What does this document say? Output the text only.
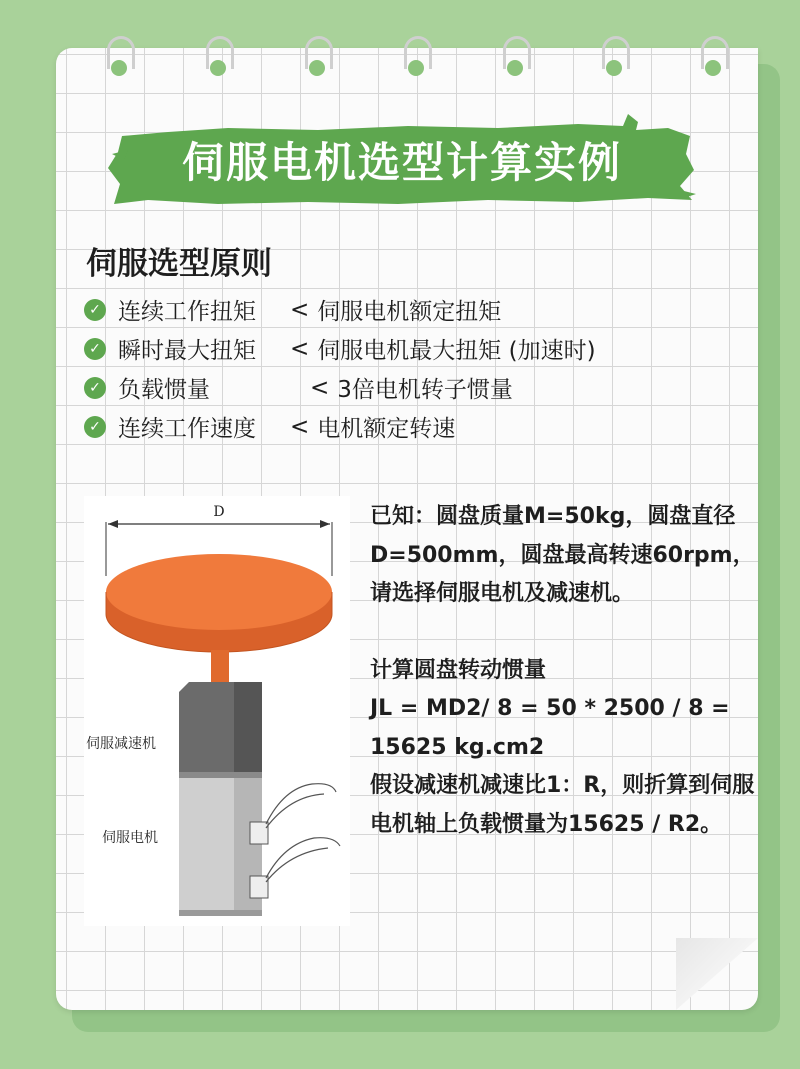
伺服电机选型计算实例
伺服选型原则
✓ 连续工作扭矩	< 伺服电机额定扭矩
✓ 瞬时最大扭矩	< 伺服电机最大扭矩 (加速时)
✓ 负载惯量	< 3倍电机转子惯量
✓ 连续工作速度	< 电机额定转速
D
伺服减速机
伺服电机

已知：圆盘质量M=50kg，圆盘直径D=500mm，圆盘最高转速60rpm，请选择伺服电机及减速机。

计算圆盘转动惯量

JL = MD2/ 8 = 50 * 2500 / 8 = 15625 kg.cm2

假设减速机减速比1：R，则折算到伺服电机轴上负载惯量为15625 / R2。
